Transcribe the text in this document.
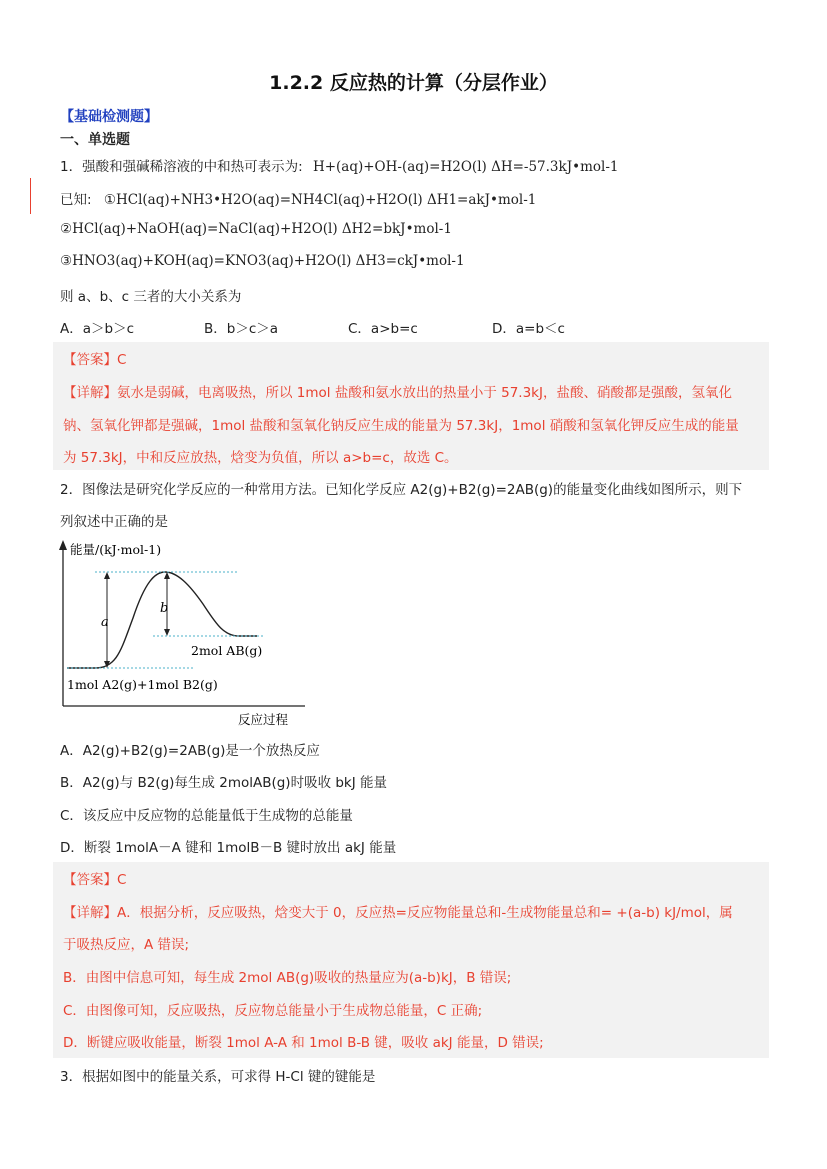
1.2.2 反应热的计算（分层作业）
【基础检测题】
一、单选题
1．强酸和强碱稀溶液的中和热可表示为: H+(aq)+OH-(aq)=H2O(l) ΔH=-57.3kJ•mol-1
已知: ①HCl(aq)+NH3•H2O(aq)=NH4Cl(aq)+H2O(l) ΔH1=akJ•mol-1
②HCl(aq)+NaOH(aq)=NaCl(aq)+H2O(l) ΔH2=bkJ•mol-1
③HNO3(aq)+KOH(aq)=KNO3(aq)+H2O(l) ΔH3=ckJ•mol-1
则 a、b、c 三者的大小关系为
A．a＞b＞c	B．b＞c＞a	C．a>b=c	D．a=b＜c
【答案】C
【详解】氨水是弱碱，电离吸热，所以 1mol 盐酸和氨水放出的热量小于 57.3kJ，盐酸、硝酸都是强酸，氢氧化
钠、氢氧化钾都是强碱，1mol 盐酸和氢氧化钠反应生成的能量为 57.3kJ，1mol 硝酸和氢氧化钾反应生成的能量
为 57.3kJ，中和反应放热，焓变为负值，所以 a>b=c，故选 C。
2．图像法是研究化学反应的一种常用方法。已知化学反应 A2(g)+B2(g)=2AB(g)的能量变化曲线如图所示，则下
列叙述中正确的是
能量/(kJ·mol-1)
反应过程
a
b
2mol AB(g)
1mol A2(g)+1mol B2(g)
A．A2(g)+B2(g)=2AB(g)是一个放热反应
B．A2(g)与 B2(g)每生成 2molAB(g)时吸收 bkJ 能量
C．该反应中反应物的总能量低于生成物的总能量
D．断裂 1molA－A 键和 1molB－B 键时放出 akJ 能量
【答案】C
【详解】A．根据分析，反应吸热，焓变大于 0，反应热=反应物能量总和-生成物能量总和= +(a-b) kJ/mol，属
于吸热反应，A 错误;
B．由图中信息可知，每生成 2mol AB(g)吸收的热量应为(a-b)kJ，B 错误;
C．由图像可知，反应吸热，反应物总能量小于生成物总能量，C 正确;
D．断键应吸收能量，断裂 1mol A-A 和 1mol B-B 键，吸收 akJ 能量，D 错误;
3．根据如图中的能量关系，可求得 H-Cl 键的键能是
